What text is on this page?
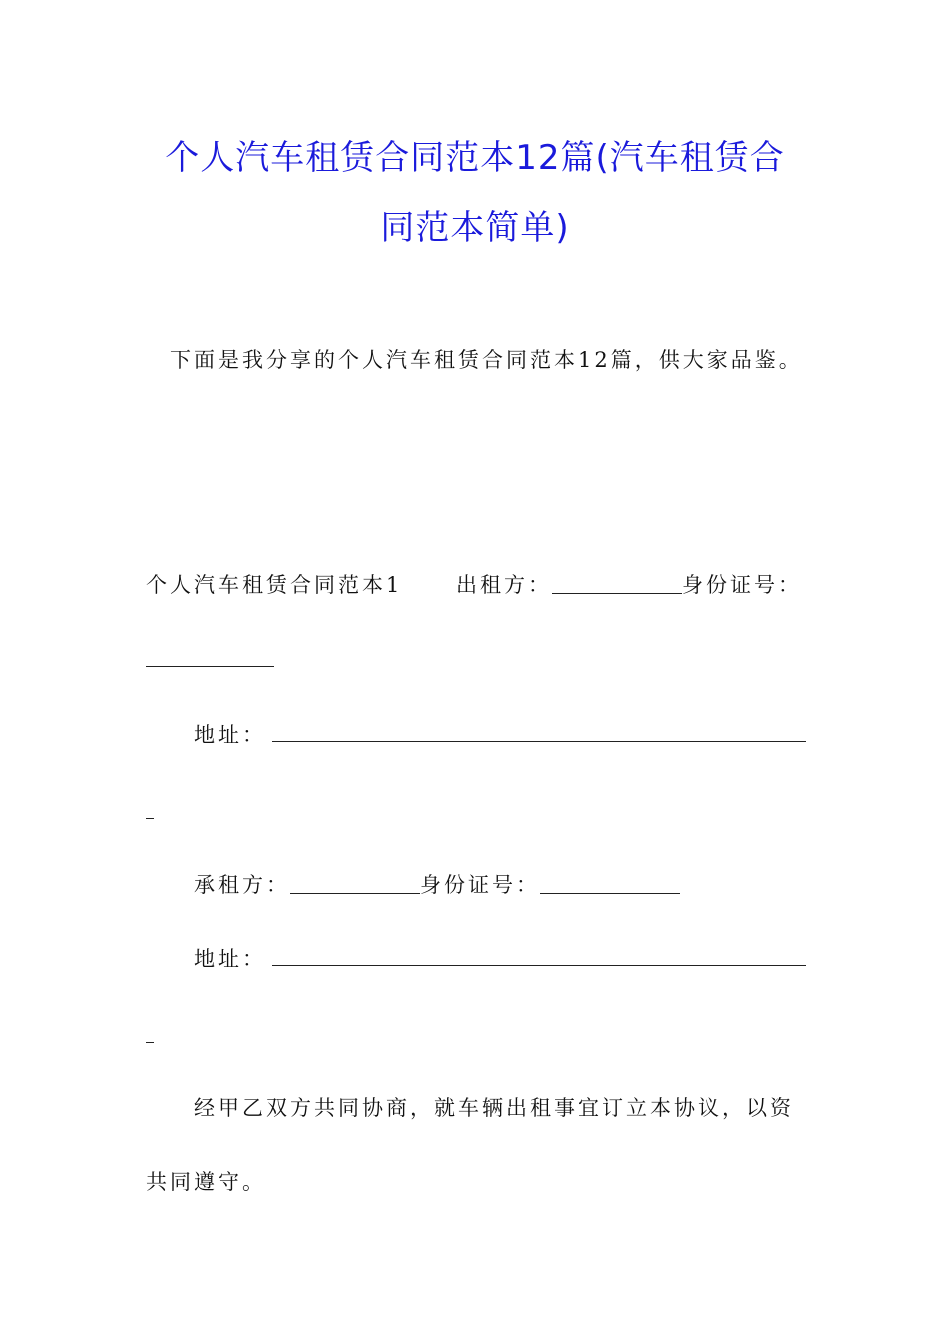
个人汽车租赁合同范本12篇(汽车租赁合
同范本简单)
下面是我分享的个人汽车租赁合同范本12篇，供大家品鉴。
个人汽车租赁合同范本1	出租方：	身份证号：
地址：
承租方：	身份证号：
地址：
经甲乙双方共同协商，就车辆出租事宜订立本协议，以资
共同遵守。
